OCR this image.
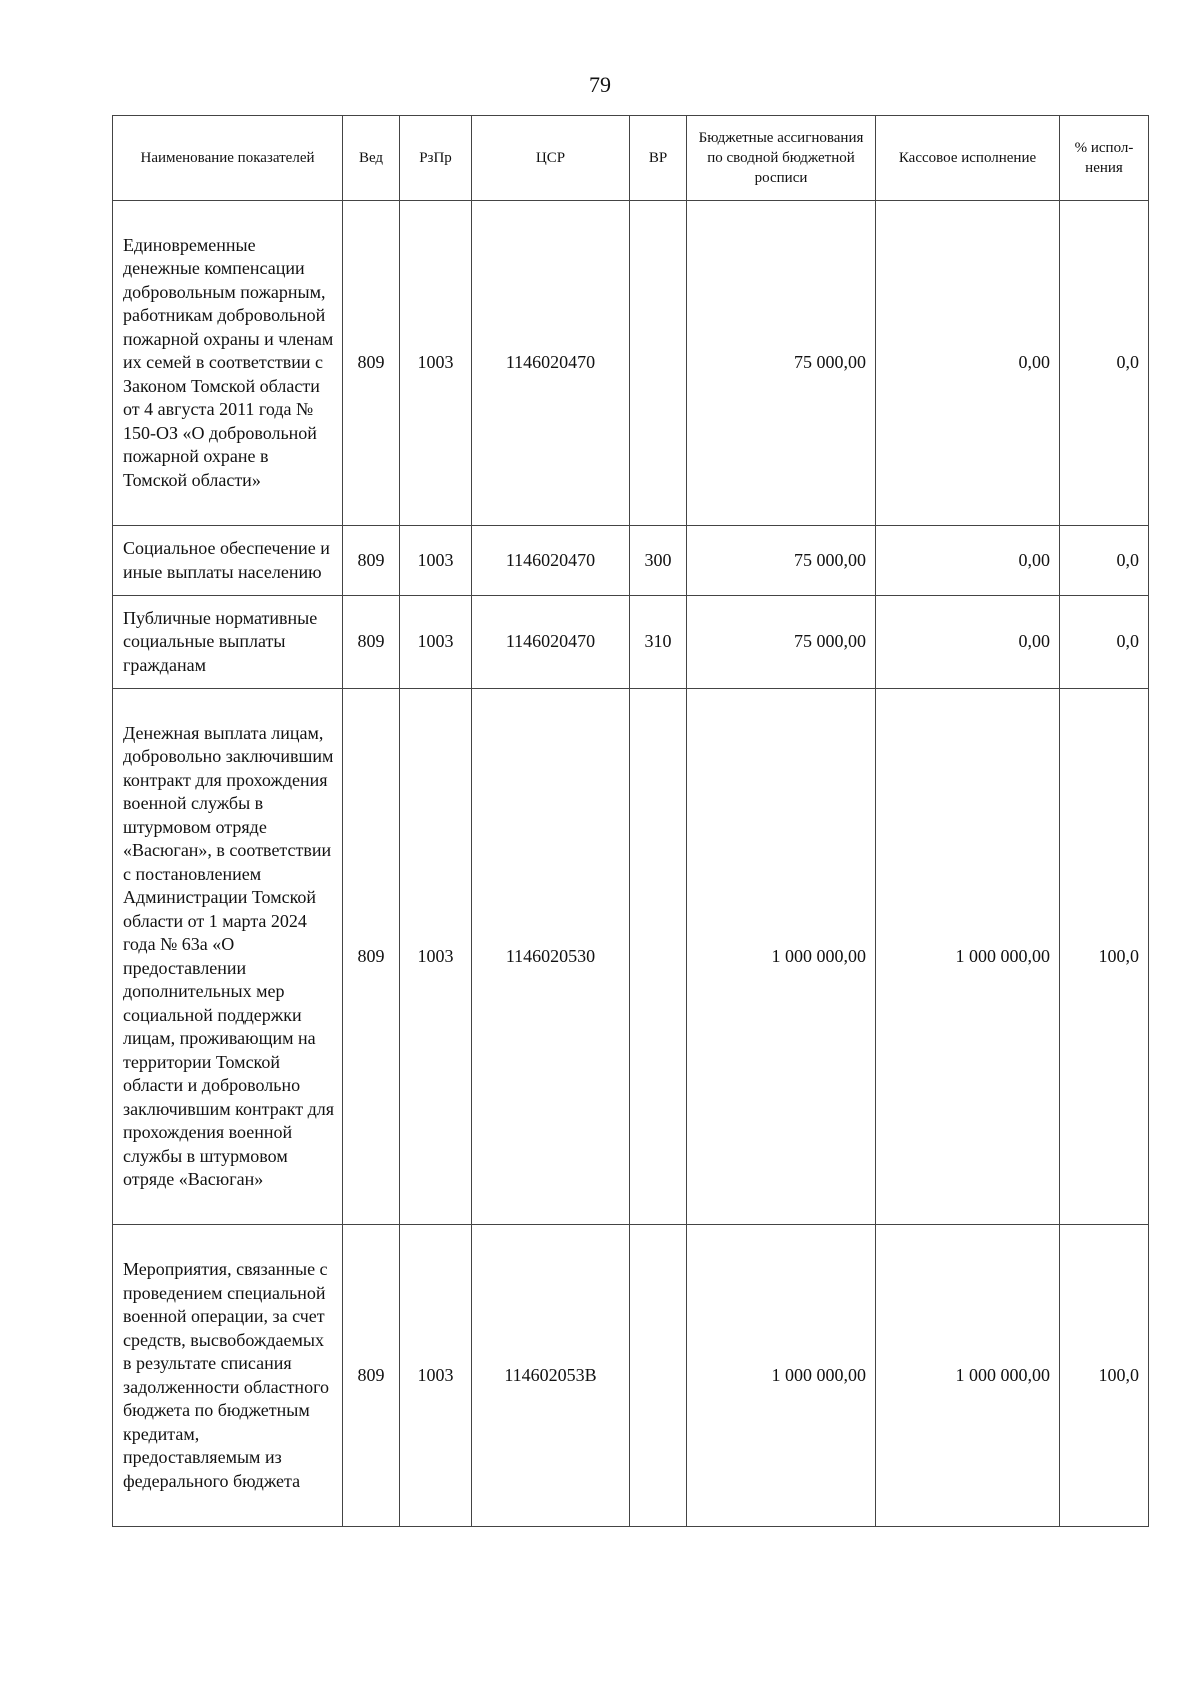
79
Наименование показателей	Вед	РзПр	ЦСР	ВР	Бюджетные ассигнования по сводной бюджетной росписи	Кассовое исполнение	% испол-нения
Единовременные денежные компенсации добровольным пожарным, работникам добровольной пожарной охраны и членам их семей в соответствии с Законом Томской области от 4 августа 2011 года № 150-ОЗ «О добровольной пожарной охране в Томской области»	809	1003	1146020470		75 000,00	0,00	0,0
Социальное обеспечение и иные выплаты населению	809	1003	1146020470	300	75 000,00	0,00	0,0
Публичные нормативные социальные выплаты гражданам	809	1003	1146020470	310	75 000,00	0,00	0,0
Денежная выплата лицам, добровольно заключившим контракт для прохождения военной службы в штурмовом отряде «Васюган», в соответствии с постановлением Администрации Томской области от 1 марта 2024 года № 63а «О предоставлении дополнительных мер социальной поддержки лицам, проживающим на территории Томской области и добровольно заключившим контракт для прохождения военной службы в штурмовом отряде «Васюган»	809	1003	1146020530		1 000 000,00	1 000 000,00	100,0
Мероприятия, связанные с проведением специальной военной операции, за счет средств, высвобождаемых в результате списания задолженности областного бюджета по бюджетным кредитам, предоставляемым из федерального бюджета	809	1003	114602053В		1 000 000,00	1 000 000,00	100,0
